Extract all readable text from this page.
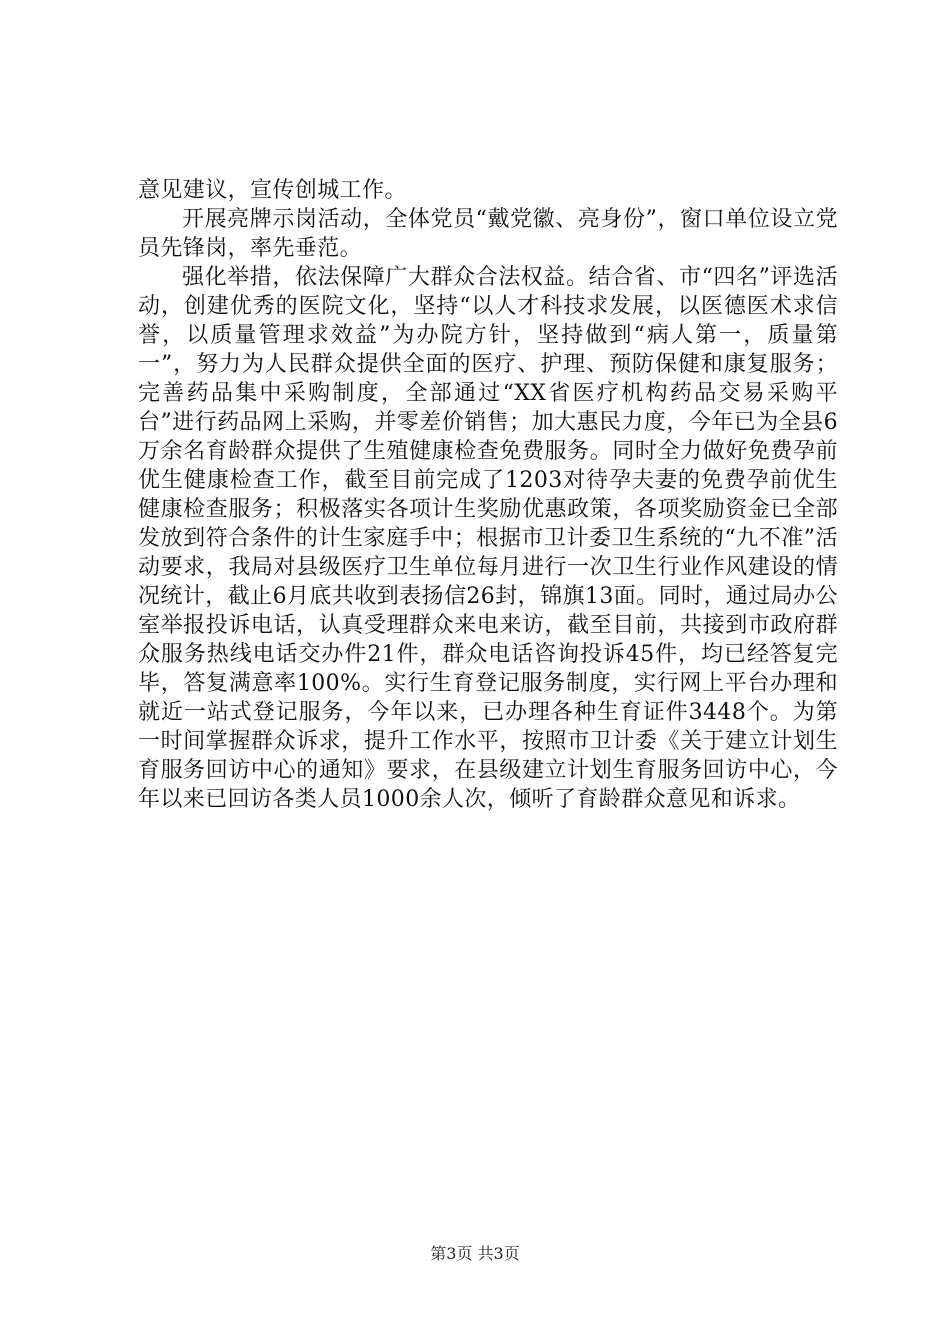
意见建议，宣传创城工作。

开展亮牌示岗活动，全体党员“戴党徽、亮身份”，窗口单位设立党员先锋岗，率先垂范。

强化举措，依法保障广大群众合法权益。结合省、市“四名”评选活动，创建优秀的医院文化，坚持“以人才科技求发展，以医德医术求信誉，以质量管理求效益”为办院方针，坚持做到“病人第一，质量第一”，努力为人民群众提供全面的医疗、护理、预防保健和康复服务；完善药品集中采购制度，全部通过“XX省医疗机构药品交易采购平台”进行药品网上采购，并零差价销售；加大惠民力度，今年已为全县6万余名育龄群众提供了生殖健康检查免费服务。同时全力做好免费孕前优生健康检查工作，截至目前完成了1203对待孕夫妻的免费孕前优生健康检查服务；积极落实各项计生奖励优惠政策，各项奖励资金已全部发放到符合条件的计生家庭手中；根据市卫计委卫生系统的“九不准”活动要求，我局对县级医疗卫生单位每月进行一次卫生行业作风建设的情况统计，截止6月底共收到表扬信26封，锦旗13面。同时，通过局办公室举报投诉电话，认真受理群众来电来访，截至目前，共接到市政府群众服务热线电话交办件21件，群众电话咨询投诉45件，均已经答复完毕，答复满意率100%。实行生育登记服务制度，实行网上平台办理和就近一站式登记服务，今年以来，已办理各种生育证件3448个。为第一时间掌握群众诉求，提升工作水平，按照市卫计委《关于建立计划生育服务回访中心的通知》要求，在县级建立计划生育服务回访中心，今年以来已回访各类人员1000余人次，倾听了育龄群众意见和诉求。

第3页 共3页
